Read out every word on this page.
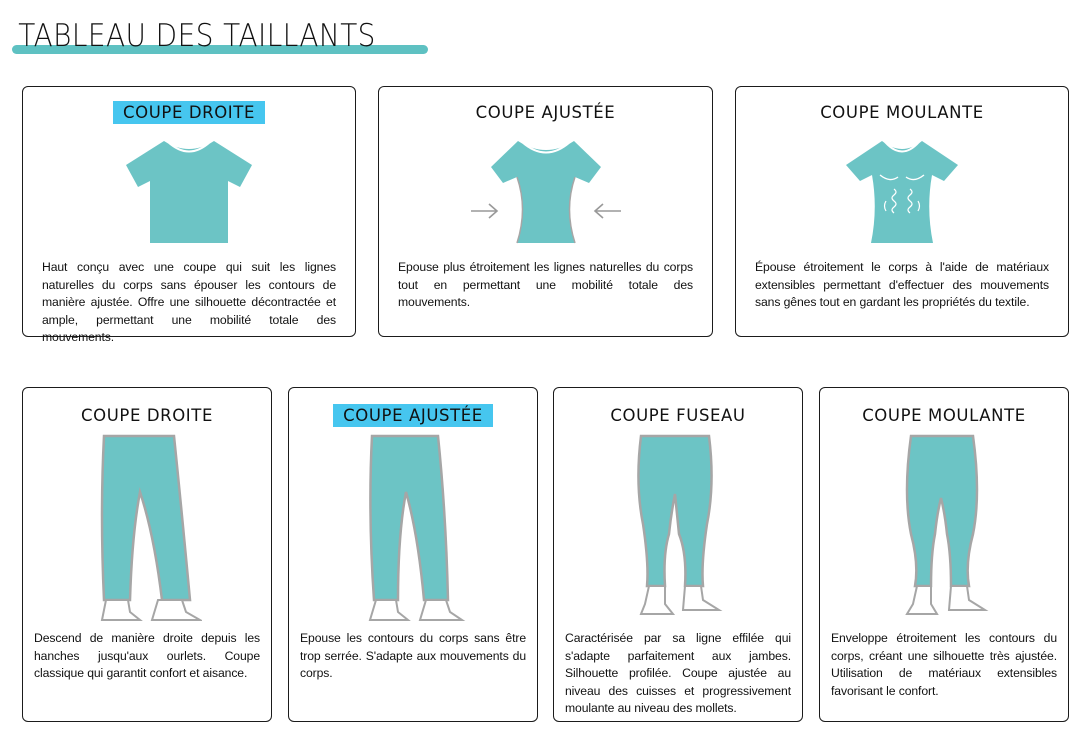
TABLEAU DES TAILLANTS
COUPE DROITE
Haut conçu avec une coupe qui suit les lignes naturelles du corps sans épouser les contours de manière ajustée. Offre une silhouette décontractée et ample, permettant une mobilité totale des mouvements.
COUPE AJUSTÉE
Epouse plus étroitement les lignes naturelles du corps tout en permettant une mobilité totale des mouvements.
COUPE MOULANTE
Épouse étroitement le corps à l'aide de matériaux extensibles permettant d'effectuer des mouvements sans gênes tout en gardant les propriétés du textile.
COUPE DROITE
Descend de manière droite depuis les hanches jusqu'aux ourlets. Coupe classique qui garantit confort et aisance.
COUPE AJUSTÉE
Epouse les contours du corps sans être trop serrée. S'adapte aux mouvements du corps.
COUPE FUSEAU
Caractérisée par sa ligne effilée qui s'adapte parfaitement aux jambes. Silhouette profilée. Coupe ajustée au niveau des cuisses et progressivement moulante au niveau des mollets.
COUPE MOULANTE
Enveloppe étroitement les contours du corps, créant une silhouette très ajustée. Utilisation de matériaux extensibles favorisant le confort.
